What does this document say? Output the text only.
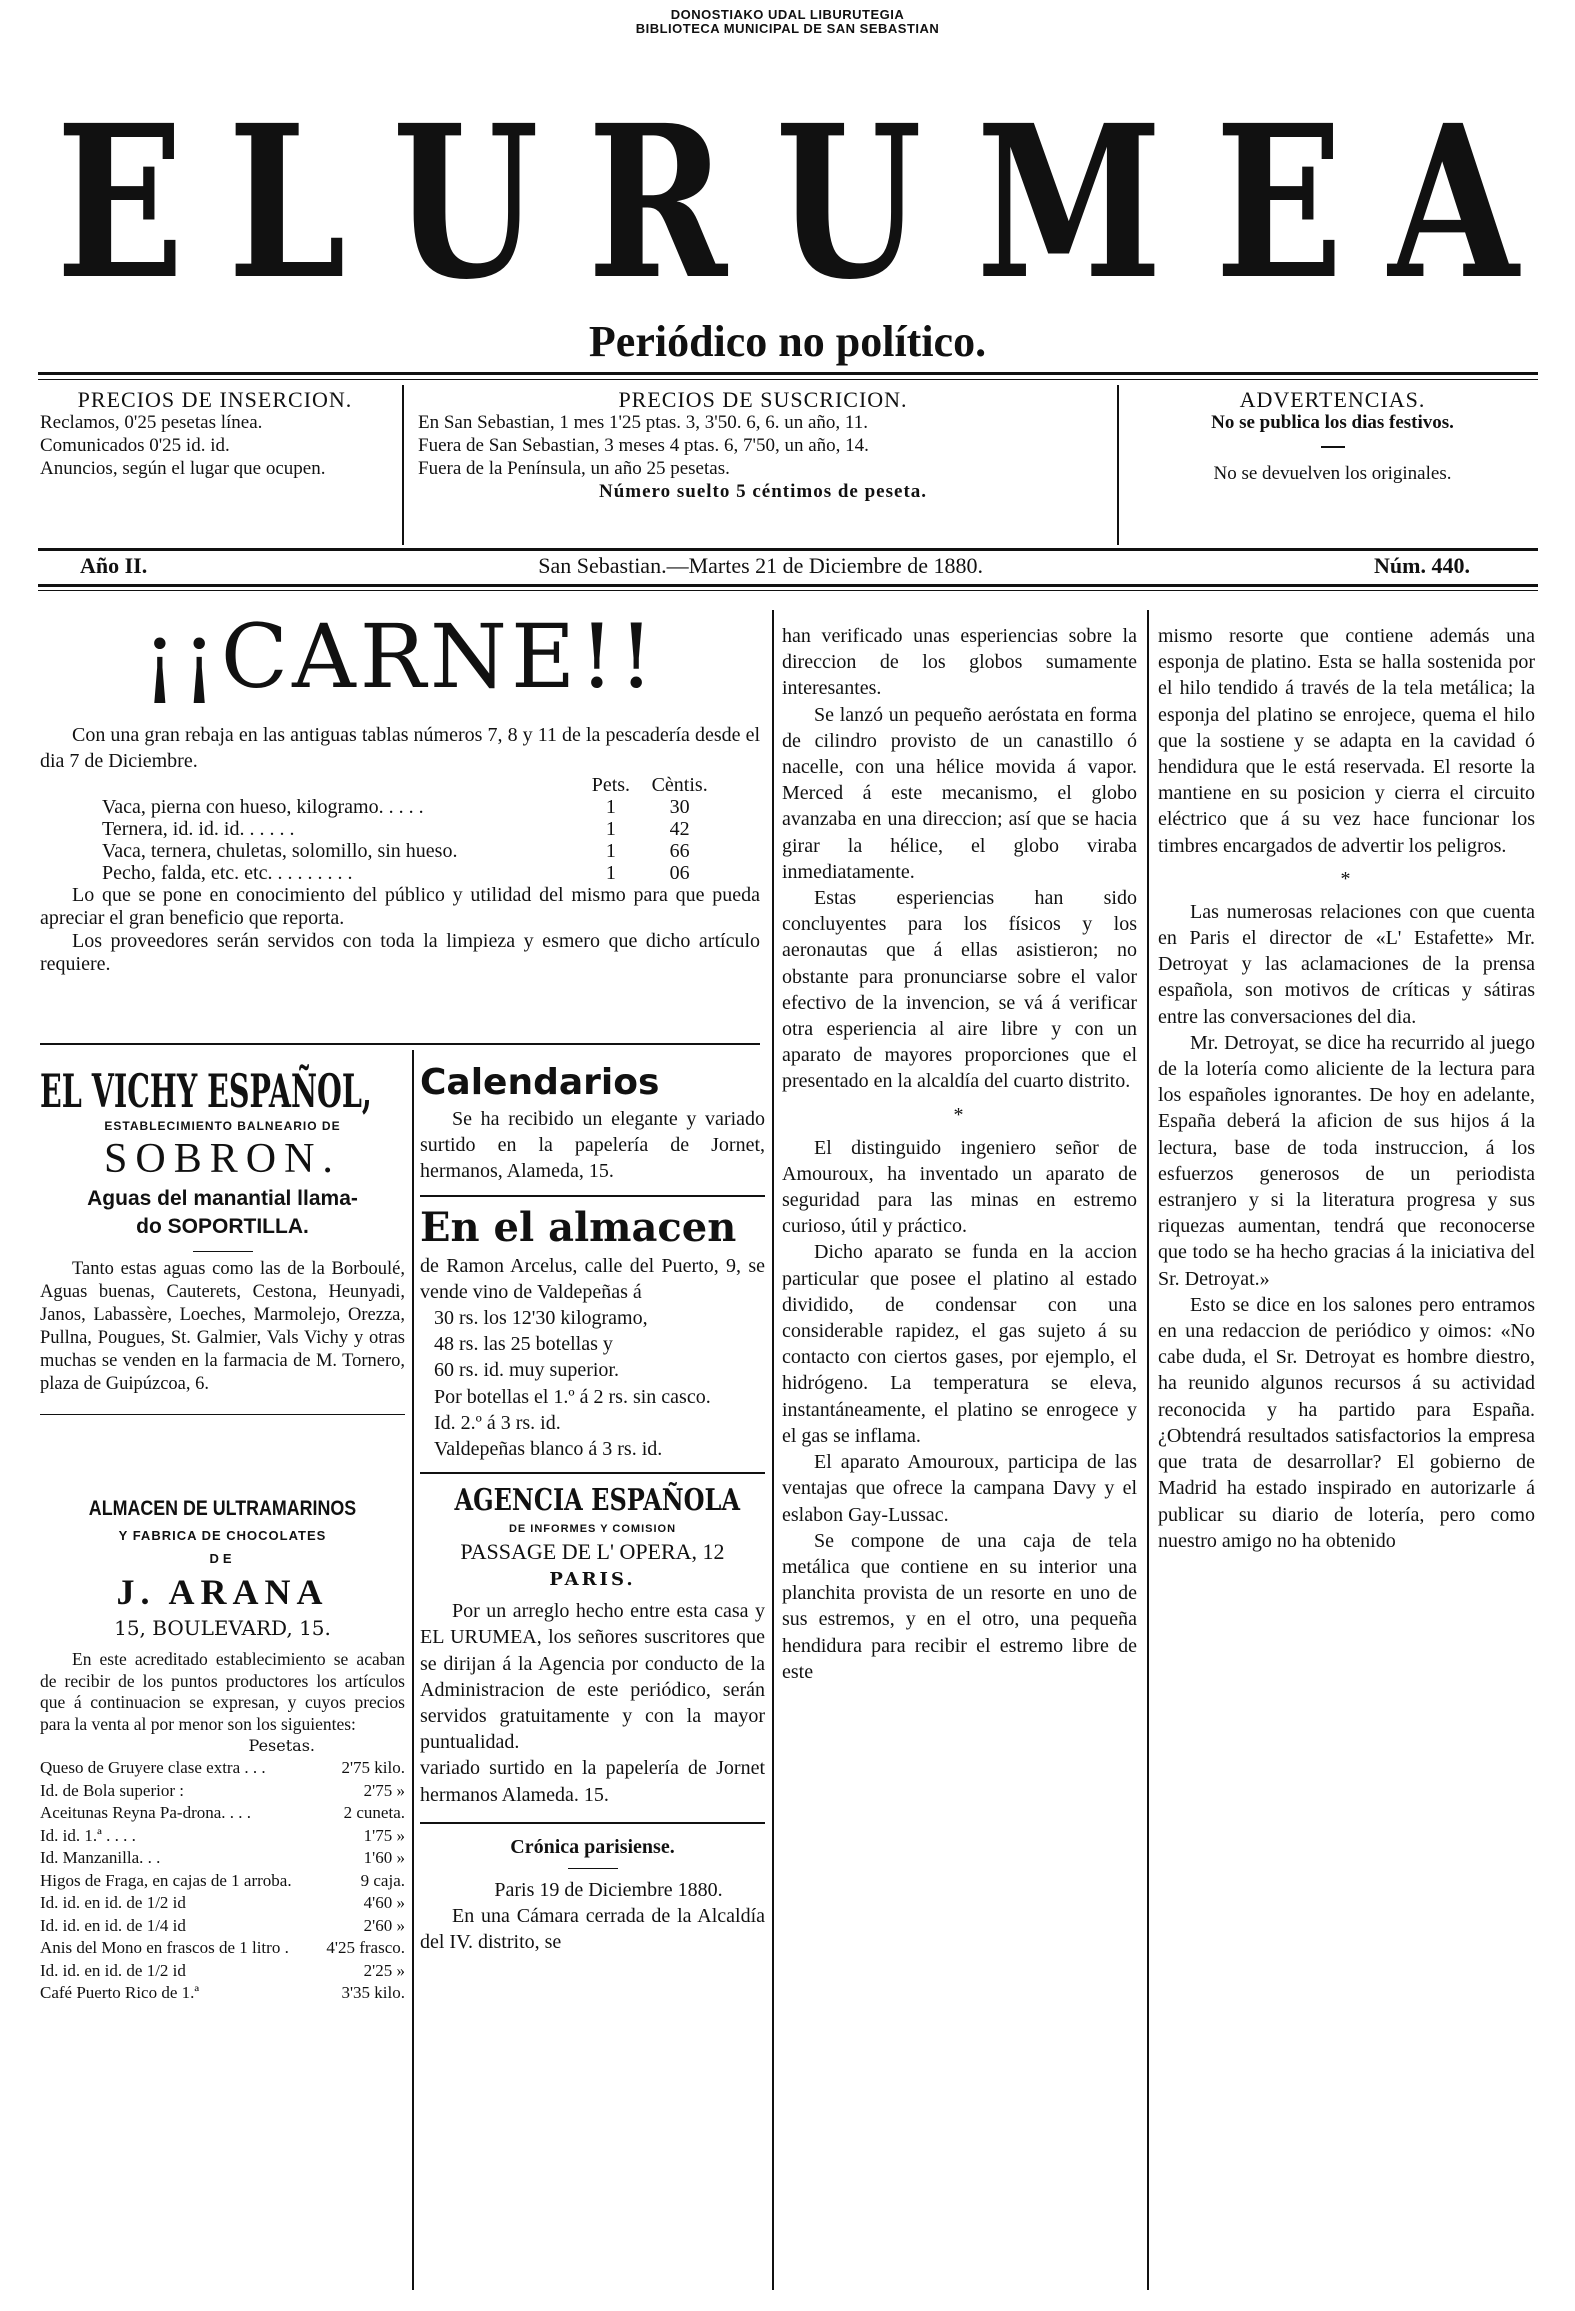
DONOSTIAKO UDAL LIBURUTEGIA
BIBLIOTECA MUNICIPAL DE SAN SEBASTIAN
E L U R U M E A
Periódico no político.
PRECIOS DE INSERCION.
Reclamos, 0'25 pesetas línea.
Comunicados 0'25 id. id.
Anuncios, según el lugar que ocupen.
PRECIOS DE SUSCRICION.
En San Sebastian, 1 mes 1'25 ptas. 3, 3'50. 6, 6. un año, 11.
Fuera de San Sebastian, 3 meses 4 ptas. 6, 7'50, un año, 14.
Fuera de la Península, un año 25 pesetas.
Número suelto 5 céntimos de peseta.
ADVERTENCIAS.
No se publica los dias festivos.
No se devuelven los originales.
Año II.	San Sebastian.—Martes 21 de Diciembre de 1880.	Núm. 440.
¡¡CARNE!!

Con una gran rebaja en las antiguas tablas números 7, 8 y 11 de la pescadería desde el dia 7 de Diciembre.

	Pets.	Cèntis.
Vaca, pierna con hueso, kilogramo. . . . .	1	30
Ternera, id. id. id. . . . . .	1	42
Vaca, ternera, chuletas, solomillo, sin hueso.	1	66
Pecho, falda, etc. etc. . . . . . . . .	1	06

Lo que se pone en conocimiento del público y utilidad del mismo para que pueda apreciar el gran beneficio que reporta.

Los proveedores serán servidos con toda la limpieza y esmero que dicho artículo requiere.

EL VICHY ESPAÑOL,
ESTABLECIMIENTO BALNEARIO DE
SOBRON.
Aguas del manantial llama-
do SOPORTILLA.

Tanto estas aguas como las de la Borboulé, Aguas buenas, Cauterets, Cestona, Heunyadi, Janos, Labassère, Loeches, Marmolejo, Orezza, Pullna, Pougues, St. Galmier, Vals Vichy y otras muchas se venden en la farmacia de M. Tornero, plaza de Guipúzcoa, 6.

ALMACEN DE ULTRAMARINOS
Y FABRICA DE CHOCOLATES
DE
J. ARANA
15, BOULEVARD, 15.

En este acreditado establecimiento se acaban de recibir de los puntos productores los artículos que á continuacion se expresan, y cuyos precios para la venta al por menor son los siguientes:

Pesetas.
Queso de Gruyere clase extra . . .	2'75 kilo.
Id. de Bola superior :	2'75 »
Aceitunas Reyna Pa-drona. . . .	2 cuneta.
Id. id. 1.ª . . . .	1'75 »
Id. Manzanilla. . .	1'60 »
Higos de Fraga, en cajas de 1 arroba.	9 caja.
Id. id. en id. de 1/2 id	4'60 »
Id. id. en id. de 1/4 id	2'60 »
Anis del Mono en frascos de 1 litro . 4'25 frasco.
Id. id. en id. de 1/2 id	2'25 »
Café Puerto Rico de 1.ª	3'35 kilo.
Calendarios

Se ha recibido un elegante y variado surtido en la papelería de Jornet, hermanos, Alameda, 15.

En el almacen

de Ramon Arcelus, calle del Puerto, 9, se vende vino de Valdepeñas á

30 rs. los 12'30 kilogramo,
48 rs. las 25 botellas y
60 rs. id. muy superior.
Por botellas el 1.º á 2 rs. sin casco.
Id. 2.º á 3 rs. id.
Valdepeñas blanco á 3 rs. id.
AGENCIA ESPAÑOLA
DE INFORMES Y COMISION
PASSAGE DE L' OPERA, 12
PARIS.

Por un arreglo hecho entre esta casa y EL URUMEA, los señores suscritores que se dirijan á la Agencia por conducto de la Administracion de este periódico, serán servidos gratuitamente y con la mayor puntualidad.

variado surtido en la papelería de Jornet hermanos Alameda. 15.

Crónica parisiense.

Paris 19 de Diciembre 1880.

En una Cámara cerrada de la Alcaldía del IV. distrito, se

han verificado unas esperiencias sobre la direccion de los globos sumamente interesantes.

Se lanzó un pequeño aeróstata en forma de cilindro provisto de un canastillo ó nacelle, con una hélice movida á vapor. Merced á este mecanismo, el globo avanzaba en una direccion; así que se hacia girar la hélice, el globo viraba inmediatamente.

Estas esperiencias han sido concluyentes para los físicos y los aeronautas que á ellas asistieron; no obstante para pronunciarse sobre el valor efectivo de la invencion, se vá á verificar otra esperiencia al aire libre y con un aparato de mayores proporciones que el presentado en la alcaldía del cuarto distrito.

*

El distinguido ingeniero señor de Amouroux, ha inventado un aparato de seguridad para las minas en estremo curioso, útil y práctico.

Dicho aparato se funda en la accion particular que posee el platino al estado dividido, de condensar con una considerable rapidez, el gas sujeto á su contacto con ciertos gases, por ejemplo, el hidrógeno. La temperatura se eleva, instantáneamente, el platino se enrogece y el gas se inflama.

El aparato Amouroux, participa de las ventajas que ofrece la campana Davy y el eslabon Gay-Lussac.

Se compone de una caja de tela metálica que contiene en su interior una planchita provista de un resorte en uno de sus estremos, y en el otro, una pequeña hendidura para recibir el estremo libre de este

mismo resorte que contiene además una esponja de platino. Esta se halla sostenida por el hilo tendido á través de la tela metálica; la esponja del platino se enrojece, quema el hilo que la sostiene y se adapta en la cavidad ó hendidura que le está reservada. El resorte la mantiene en su posicion y cierra el circuito eléctrico que á su vez hace funcionar los timbres encargados de advertir los peligros.

*

Las numerosas relaciones con que cuenta en Paris el director de «L' Estafette» Mr. Detroyat y las aclamaciones de la prensa española, son motivos de críticas y sátiras entre las conversaciones del dia.

Mr. Detroyat, se dice ha recurrido al juego de la lotería como aliciente de la lectura para los españoles ignorantes. De hoy en adelante, España deberá la aficion de sus hijos á la lectura, base de toda instruccion, á los esfuerzos generosos de un periodista estranjero y si la literatura progresa y sus riquezas aumentan, tendrá que reconocerse que todo se ha hecho gracias á la iniciativa del Sr. Detroyat.»

Esto se dice en los salones pero entramos en una redaccion de periódico y oimos: «No cabe duda, el Sr. Detroyat es hombre diestro, ha reunido algunos recursos á su actividad reconocida y ha partido para España. ¿Obtendrá resultados satisfactorios la empresa que trata de desarrollar? El gobierno de Madrid ha estado inspirado en autorizarle á publicar su diario de lotería, pero como nuestro amigo no ha obtenido
